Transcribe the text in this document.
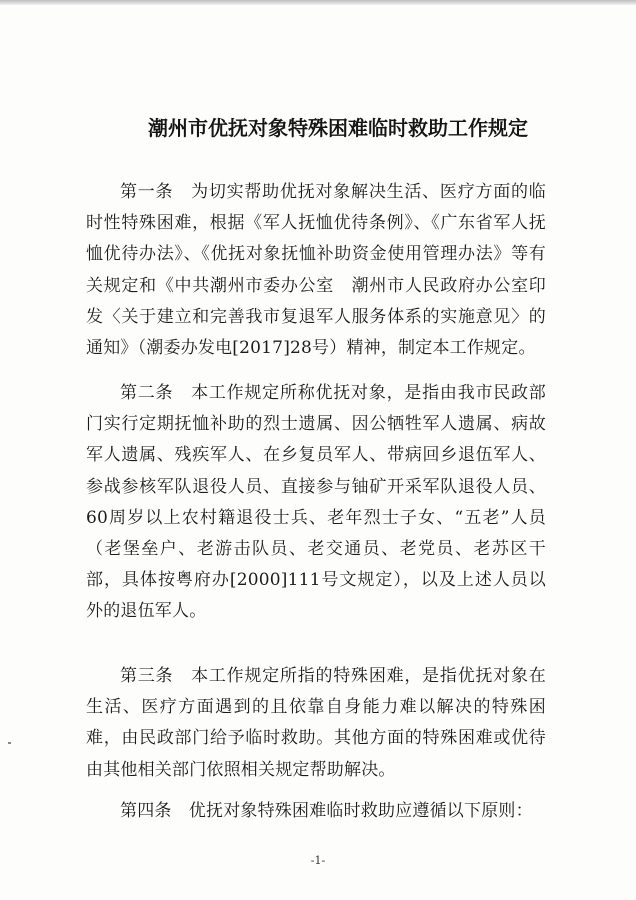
潮州市优抚对象特殊困难临时救助工作规定

第一条　为切实帮助优抚对象解决生活、医疗方面的临时性特殊困难，根据《军人抚恤优待条例》、《广东省军人抚恤优待办法》、《优抚对象抚恤补助资金使用管理办法》等有关规定和《中共潮州市委办公室　潮州市人民政府办公室印发〈关于建立和完善我市复退军人服务体系的实施意见〉的通知》（潮委办发电[2017]28号）精神，制定本工作规定。

第二条　本工作规定所称优抚对象，是指由我市民政部门实行定期抚恤补助的烈士遗属、因公牺牲军人遗属、病故军人遗属、残疾军人、在乡复员军人、带病回乡退伍军人、参战参核军队退役人员、直接参与铀矿开采军队退役人员、60周岁以上农村籍退役士兵、老年烈士子女、“五老”人员（老堡垒户、老游击队员、老交通员、老党员、老苏区干部，具体按粤府办[2000]111号文规定），以及上述人员以外的退伍军人。

第三条　本工作规定所指的特殊困难，是指优抚对象在生活、医疗方面遇到的且依靠自身能力难以解决的特殊困难，由民政部门给予临时救助。其他方面的特殊困难或优待由其他相关部门依照相关规定帮助解决。

第四条　优抚对象特殊困难临时救助应遵循以下原则：

-1-
